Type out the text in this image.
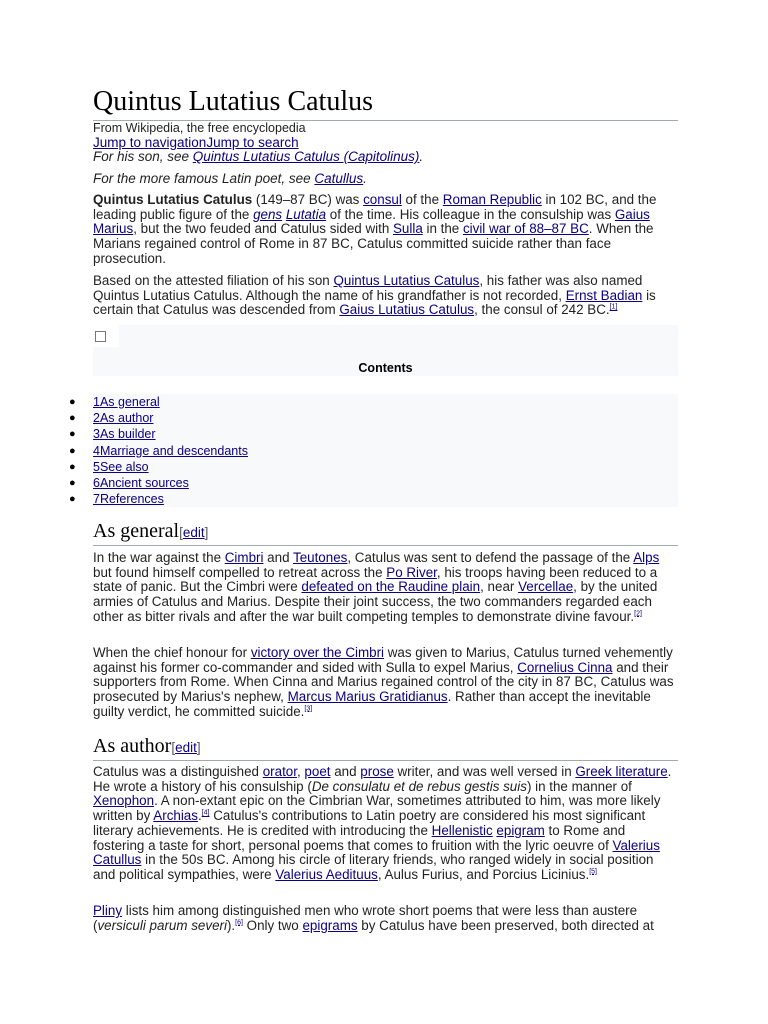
Quintus Lutatius Catulus
From Wikipedia, the free encyclopedia
Jump to navigationJump to search
For his son, see Quintus Lutatius Catulus (Capitolinus).
For the more famous Latin poet, see Catullus.

Quintus Lutatius Catulus (149–87 BC) was consul of the Roman Republic in 102 BC, and the leading public figure of the gens Lutatia of the time. His colleague in the consulship was Gaius Marius, but the two feuded and Catulus sided with Sulla in the civil war of 88–87 BC. When the Marians regained control of Rome in 87 BC, Catulus committed suicide rather than face prosecution.

Based on the attested filiation of his son Quintus Lutatius Catulus, his father was also named Quintus Lutatius Catulus. Although the name of his grandfather is not recorded, Ernst Badian is certain that Catulus was descended from Gaius Lutatius Catulus, the consul of 242 BC.[1]

As general[edit]

In the war against the Cimbri and Teutones, Catulus was sent to defend the passage of the Alps but found himself compelled to retreat across the Po River, his troops having been reduced to a state of panic. But the Cimbri were defeated on the Raudine plain, near Vercellae, by the united armies of Catulus and Marius. Despite their joint success, the two commanders regarded each other as bitter rivals and after the war built competing temples to demonstrate divine favour.[2]

When the chief honour for victory over the Cimbri was given to Marius, Catulus turned vehemently against his former co-commander and sided with Sulla to expel Marius, Cornelius Cinna and their supporters from Rome. When Cinna and Marius regained control of the city in 87 BC, Catulus was prosecuted by Marius's nephew, Marcus Marius Gratidianus. Rather than accept the inevitable guilty verdict, he committed suicide.[3]

As author[edit]

Catulus was a distinguished orator, poet and prose writer, and was well versed in Greek literature. He wrote a history of his consulship (De consulatu et de rebus gestis suis) in the manner of Xenophon. A non-extant epic on the Cimbrian War, sometimes attributed to him, was more likely written by Archias.[4] Catulus's contributions to Latin poetry are considered his most significant literary achievements. He is credited with introducing the Hellenistic epigram to Rome and fostering a taste for short, personal poems that comes to fruition with the lyric oeuvre of Valerius Catullus in the 50s BC. Among his circle of literary friends, who ranged widely in social position and political sympathies, were Valerius Aedituus, Aulus Furius, and Porcius Licinius.[5]

Pliny lists him among distinguished men who wrote short poems that were less than austere (versiculi parum severi).[6] Only two epigrams by Catulus have been preserved, both directed at

Contents
● 1As general
● 2As author
● 3As builder
● 4Marriage and descendants
● 5See also
● 6Ancient sources
● 7References
